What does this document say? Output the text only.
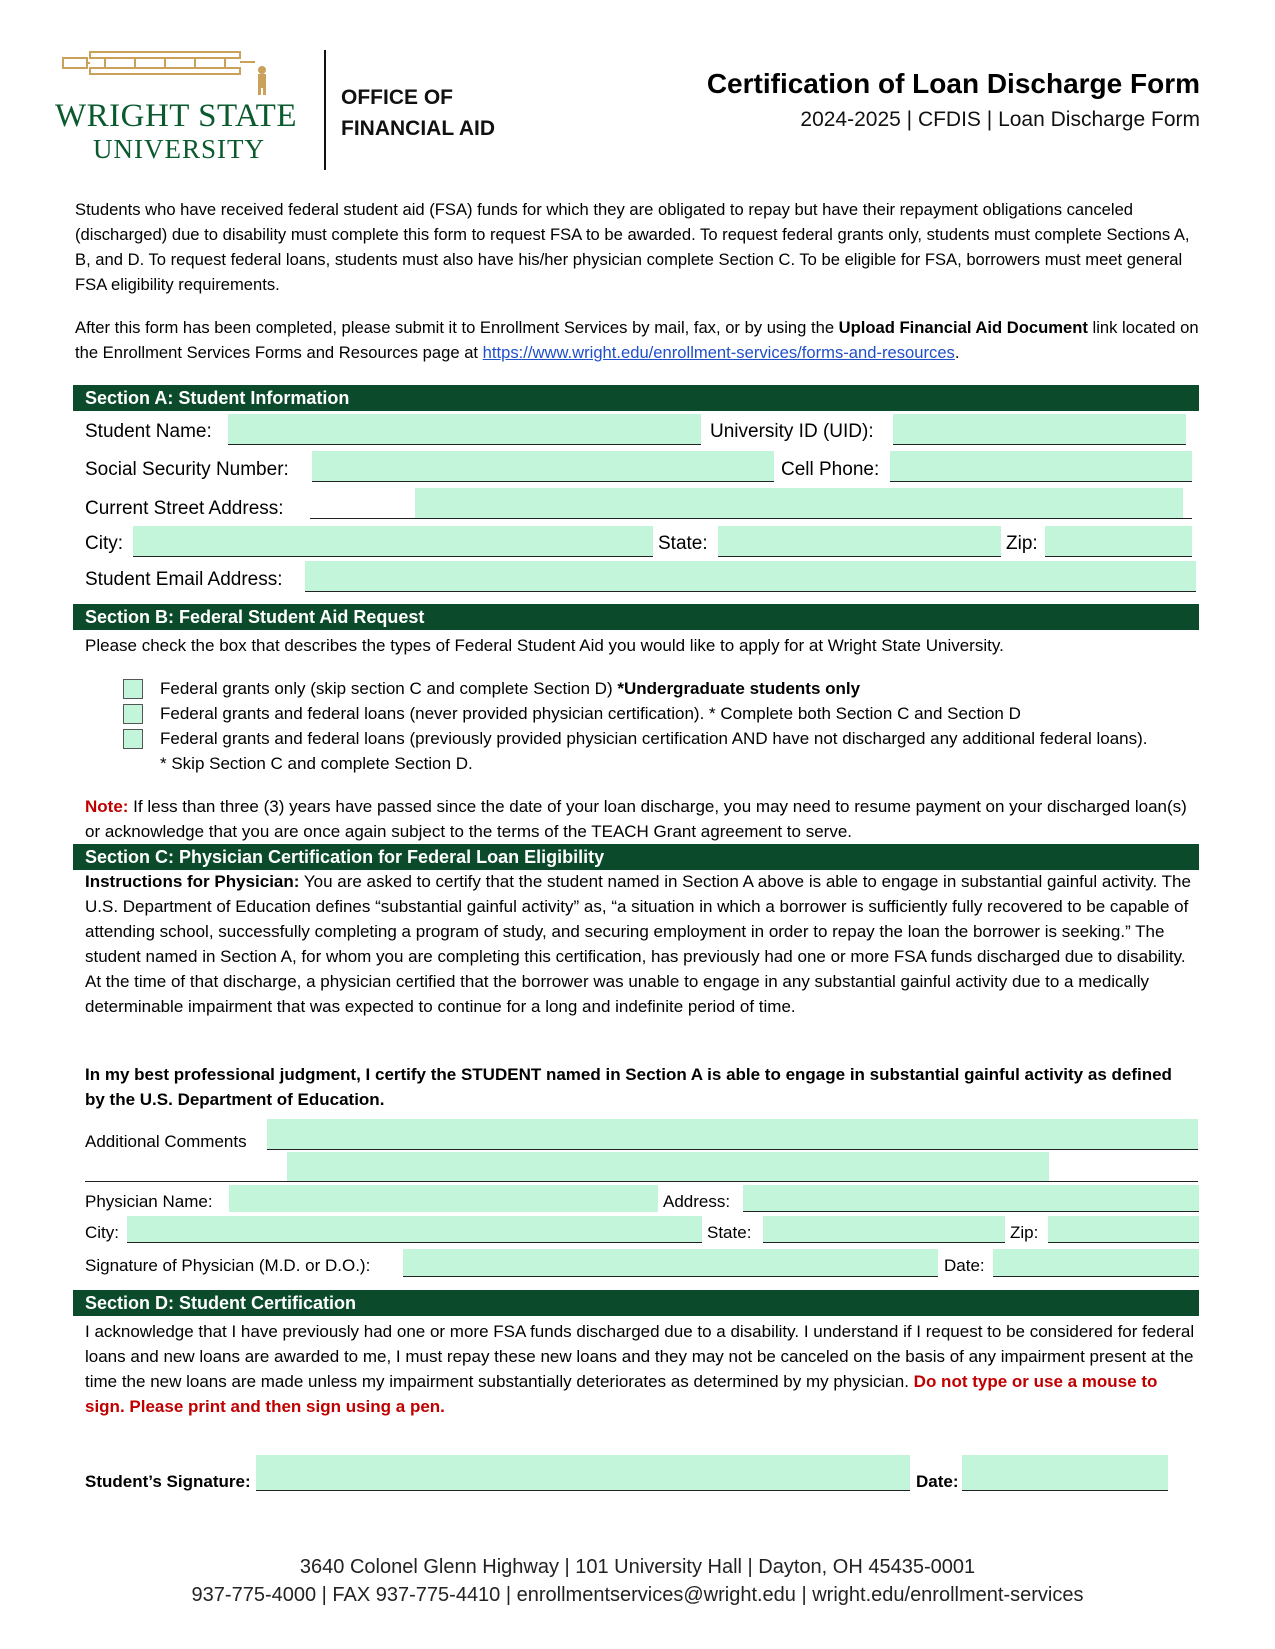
WRIGHT STATE
UNIVERSITY
OFFICE OF
FINANCIAL AID
Certification of Loan Discharge Form
2024-2025 | CFDIS | Loan Discharge Form
Students who have received federal student aid (FSA) funds for which they are obligated to repay but have their repayment obligations canceled (discharged) due to disability must complete this form to request FSA to be awarded. To request federal grants only, students must complete Sections A, B, and D. To request federal loans, students must also have his/her physician complete Section C. To be eligible for FSA, borrowers must meet general FSA eligibility requirements.
After this form has been completed, please submit it to Enrollment Services by mail, fax, or by using the Upload Financial Aid Document link located on the Enrollment Services Forms and Resources page at https://www.wright.edu/enrollment-services/forms-and-resources.
Section A: Student Information
Student Name:	University ID (UID):
Social Security Number:	Cell Phone:
Current Street Address:
City:	State:	Zip:
Student Email Address:
Section B: Federal Student Aid Request
Please check the box that describes the types of Federal Student Aid you would like to apply for at Wright State University.
Federal grants only (skip section C and complete Section D) *Undergraduate students only
Federal grants and federal loans (never provided physician certification). * Complete both Section C and Section D
Federal grants and federal loans (previously provided physician certification AND have not discharged any additional federal loans). * Skip Section C and complete Section D.
Note: If less than three (3) years have passed since the date of your loan discharge, you may need to resume payment on your discharged loan(s) or acknowledge that you are once again subject to the terms of the TEACH Grant agreement to serve.
Section C: Physician Certification for Federal Loan Eligibility
Instructions for Physician: You are asked to certify that the student named in Section A above is able to engage in substantial gainful activity. The U.S. Department of Education defines “substantial gainful activity” as, “a situation in which a borrower is sufficiently fully recovered to be capable of attending school, successfully completing a program of study, and securing employment in order to repay the loan the borrower is seeking.” The student named in Section A, for whom you are completing this certification, has previously had one or more FSA funds discharged due to disability. At the time of that discharge, a physician certified that the borrower was unable to engage in any substantial gainful activity due to a medically determinable impairment that was expected to continue for a long and indefinite period of time.
In my best professional judgment, I certify the STUDENT named in Section A is able to engage in substantial gainful activity as defined by the U.S. Department of Education.
Additional Comments
Physician Name:	Address:
City:	State:	Zip:
Signature of Physician (M.D. or D.O.):	Date:
Section D: Student Certification
I acknowledge that I have previously had one or more FSA funds discharged due to a disability. I understand if I request to be considered for federal loans and new loans are awarded to me, I must repay these new loans and they may not be canceled on the basis of any impairment present at the time the new loans are made unless my impairment substantially deteriorates as determined by my physician. Do not type or use a mouse to sign. Please print and then sign using a pen.
Student’s Signature:	Date:
3640 Colonel Glenn Highway | 101 University Hall | Dayton, OH 45435-0001
937-775-4000 | FAX 937-775-4410 | enrollmentservices@wright.edu | wright.edu/enrollment-services
